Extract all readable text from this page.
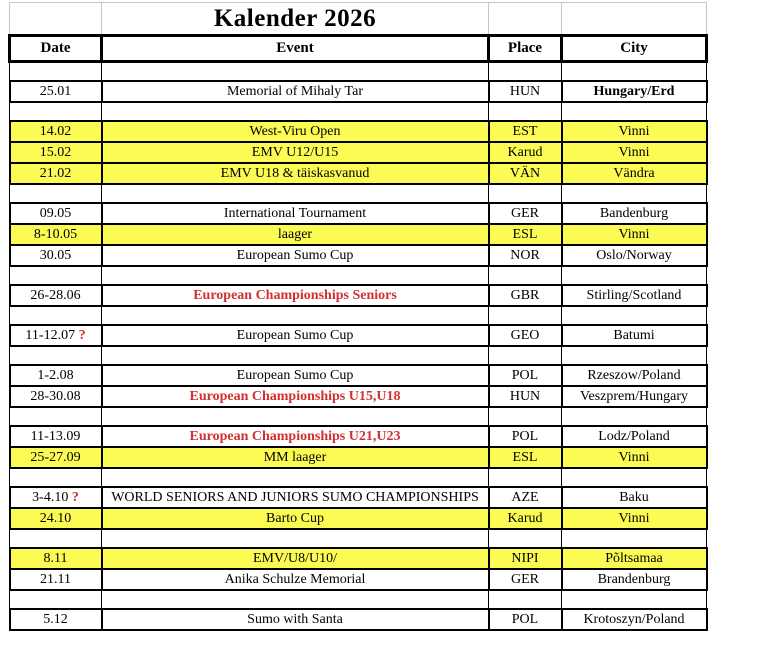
	Kalender 2026		
Date	Event	Place	City

25.01	Memorial of Mihaly Tar	HUN	Hungary/Erd

14.02	West-Viru Open	EST	Vinni
15.02	EMV U12/U15	Karud	Vinni
21.02	EMV U18 & täiskasvanud	VÄN	Vändra

09.05	International Tournament	GER	Bandenburg
8-10.05	laager	ESL	Vinni
30.05	European Sumo Cup	NOR	Oslo/Norway

26-28.06	European Championships Seniors	GBR	Stirling/Scotland

11-12.07 ?	European Sumo Cup	GEO	Batumi

1-2.08	European Sumo Cup	POL	Rzeszow/Poland
28-30.08	European Championships U15,U18	HUN	Veszprem/Hungary

11-13.09	European Championships U21,U23	POL	Lodz/Poland
25-27.09	MM laager	ESL	Vinni

3-4.10 ?	WORLD SENIORS AND JUNIORS SUMO CHAMPIONSHIPS	AZE	Baku
24.10	Barto Cup	Karud	Vinni

8.11	EMV/U8/U10/	NIPI	Põltsamaa
21.11	Anika Schulze Memorial	GER	Brandenburg

5.12	Sumo with Santa	POL	Krotoszyn/Poland
